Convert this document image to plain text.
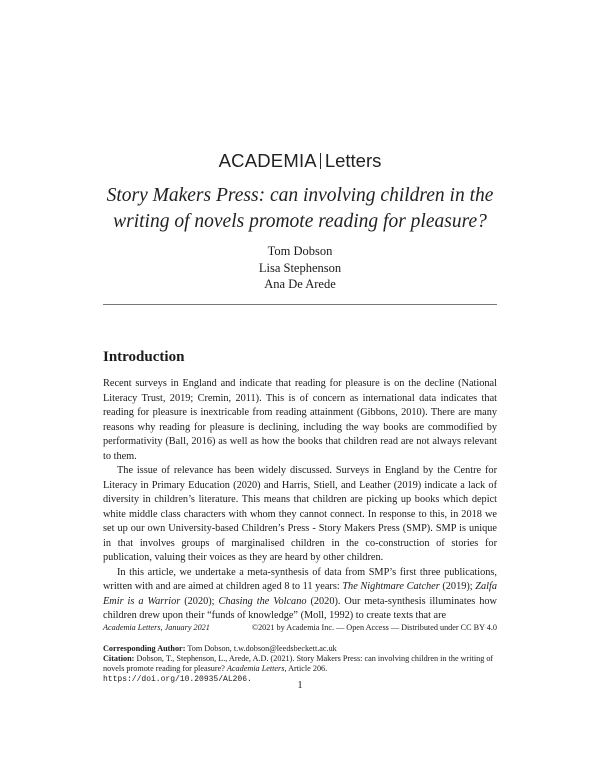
ACADEMIA Letters
Story Makers Press: can involving children in the writing of novels promote reading for pleasure?
Tom Dobson
Lisa Stephenson
Ana De Arede
Introduction

Recent surveys in England and indicate that reading for pleasure is on the decline (National Literacy Trust, 2019; Cremin, 2011). This is of concern as international data indicates that reading for pleasure is inextricable from reading attainment (Gibbons, 2010). There are many reasons why reading for pleasure is declining, including the way books are commodified by performativity (Ball, 2016) as well as how the books that children read are not always relevant to them.

The issue of relevance has been widely discussed. Surveys in England by the Centre for Literacy in Primary Education (2020) and Harris, Stiell, and Leather (2019) indicate a lack of diversity in children’s literature. This means that children are picking up books which depict white middle class characters with whom they cannot connect. In response to this, in 2018 we set up our own University-based Children’s Press - Story Makers Press (SMP). SMP is unique in that involves groups of marginalised children in the co-construction of stories for publication, valuing their voices as they are heard by other children.

In this article, we undertake a meta-synthesis of data from SMP’s first three publications, written with and are aimed at children aged 8 to 11 years: The Nightmare Catcher (2019); Zalfa Emir is a Warrior (2020); Chasing the Volcano (2020). Our meta-synthesis illuminates how children drew upon their “funds of knowledge” (Moll, 1992) to create texts that are

Academia Letters, January 2021	©2021 by Academia Inc. — Open Access — Distributed under CC BY 4.0
Corresponding Author: Tom Dobson, t.w.dobson@leedsbeckett.ac.uk
Citation: Dobson, T., Stephenson, L., Arede, A.D. (2021). Story Makers Press: can involving children in the writing of novels promote reading for pleasure? Academia Letters, Article 206.
https://doi.org/10.20935/AL206.
1
